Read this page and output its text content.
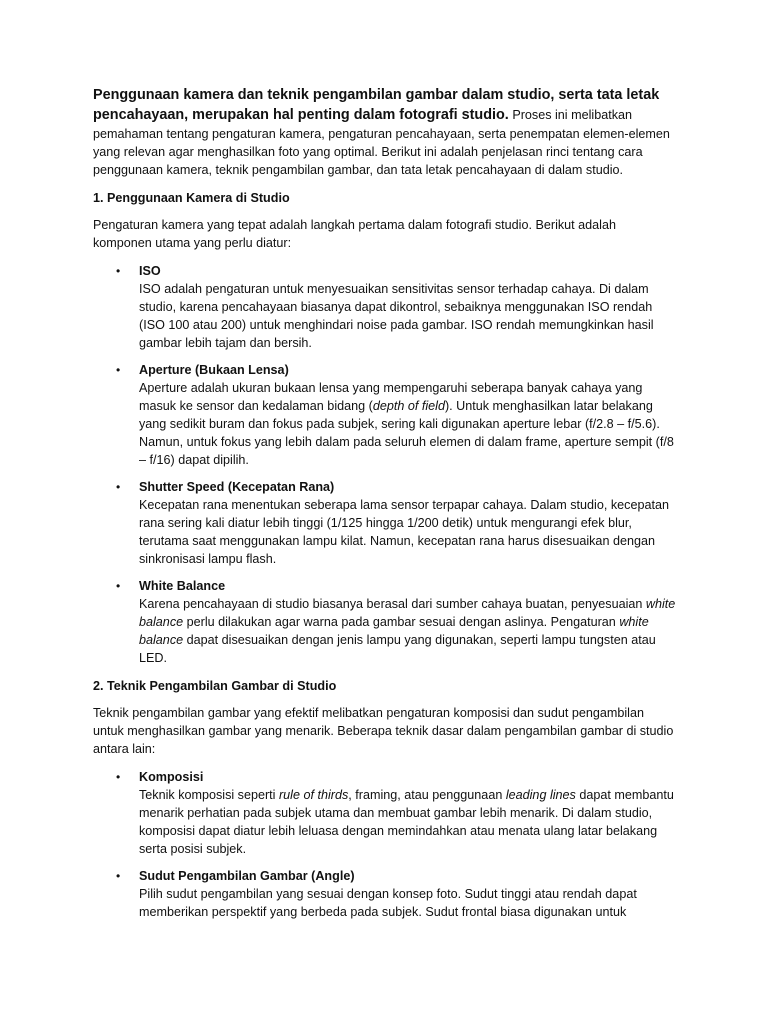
Penggunaan kamera dan teknik pengambilan gambar dalam studio, serta tata letak pencahayaan, merupakan hal penting dalam fotografi studio. Proses ini melibatkan pemahaman tentang pengaturan kamera, pengaturan pencahayaan, serta penempatan elemen-elemen yang relevan agar menghasilkan foto yang optimal. Berikut ini adalah penjelasan rinci tentang cara penggunaan kamera, teknik pengambilan gambar, dan tata letak pencahayaan di dalam studio.

1. Penggunaan Kamera di Studio

Pengaturan kamera yang tepat adalah langkah pertama dalam fotografi studio. Berikut adalah komponen utama yang perlu diatur:

• ISO
ISO adalah pengaturan untuk menyesuaikan sensitivitas sensor terhadap cahaya. Di dalam studio, karena pencahayaan biasanya dapat dikontrol, sebaiknya menggunakan ISO rendah (ISO 100 atau 200) untuk menghindari noise pada gambar. ISO rendah memungkinkan hasil gambar lebih tajam dan bersih.
• Aperture (Bukaan Lensa)
Aperture adalah ukuran bukaan lensa yang mempengaruhi seberapa banyak cahaya yang masuk ke sensor dan kedalaman bidang (depth of field). Untuk menghasilkan latar belakang yang sedikit buram dan fokus pada subjek, sering kali digunakan aperture lebar (f/2.8 – f/5.6). Namun, untuk fokus yang lebih dalam pada seluruh elemen di dalam frame, aperture sempit (f/8 – f/16) dapat dipilih.
• Shutter Speed (Kecepatan Rana)
Kecepatan rana menentukan seberapa lama sensor terpapar cahaya. Dalam studio, kecepatan rana sering kali diatur lebih tinggi (1/125 hingga 1/200 detik) untuk mengurangi efek blur, terutama saat menggunakan lampu kilat. Namun, kecepatan rana harus disesuaikan dengan sinkronisasi lampu flash.
• White Balance
Karena pencahayaan di studio biasanya berasal dari sumber cahaya buatan, penyesuaian white balance perlu dilakukan agar warna pada gambar sesuai dengan aslinya. Pengaturan white balance dapat disesuaikan dengan jenis lampu yang digunakan, seperti lampu tungsten atau LED.
2. Teknik Pengambilan Gambar di Studio

Teknik pengambilan gambar yang efektif melibatkan pengaturan komposisi dan sudut pengambilan untuk menghasilkan gambar yang menarik. Beberapa teknik dasar dalam pengambilan gambar di studio antara lain:

• Komposisi
Teknik komposisi seperti rule of thirds, framing, atau penggunaan leading lines dapat membantu menarik perhatian pada subjek utama dan membuat gambar lebih menarik. Di dalam studio, komposisi dapat diatur lebih leluasa dengan memindahkan atau menata ulang latar belakang serta posisi subjek.
• Sudut Pengambilan Gambar (Angle)
Pilih sudut pengambilan yang sesuai dengan konsep foto. Sudut tinggi atau rendah dapat memberikan perspektif yang berbeda pada subjek. Sudut frontal biasa digunakan untuk
